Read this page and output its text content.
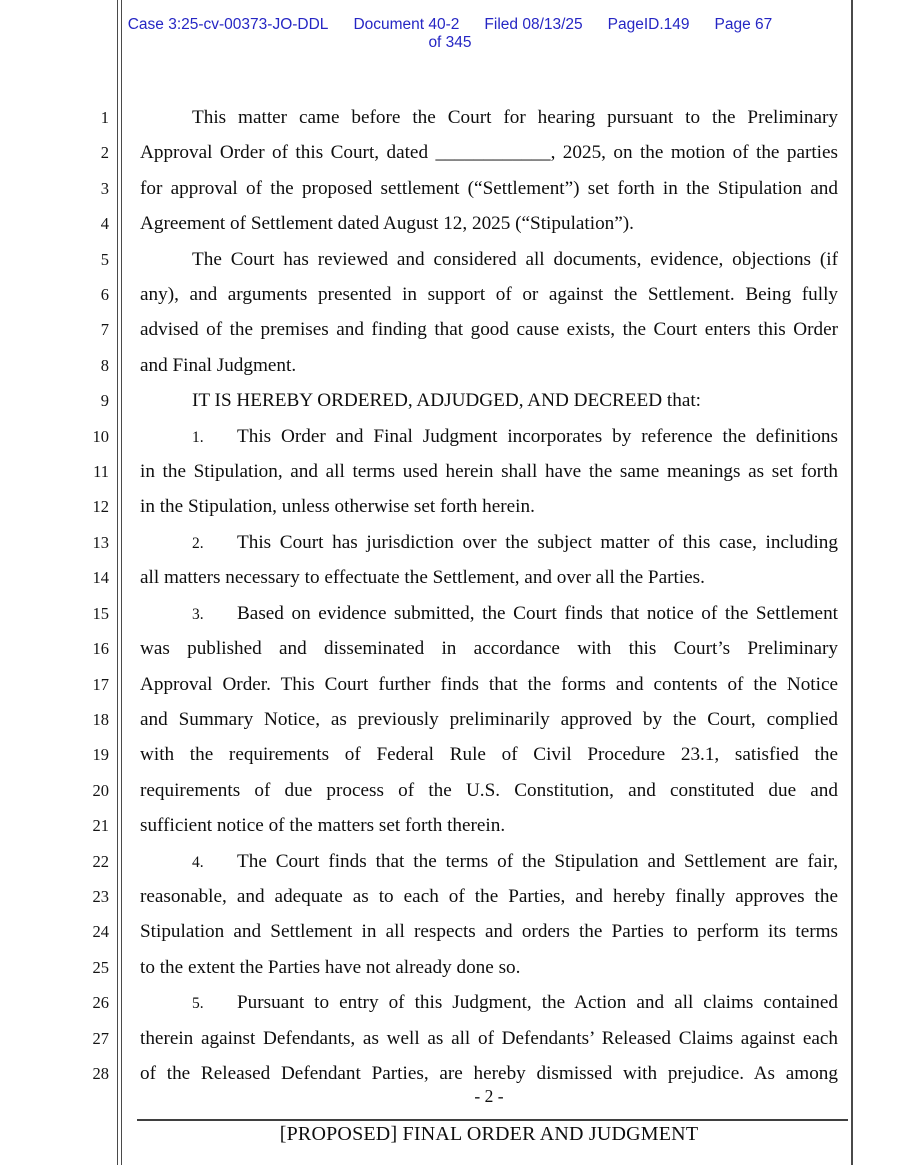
Case 3:25-cv-00373-JO-DDL Document 40-2 Filed 08/13/25 PageID.149 Page 67
of 345
1
2
3
4
5
6
7
8
9
10
11
12
13
14
15
16
17
18
19
20
21
22
23
24
25
26
27
28
This matter came before the Court for hearing pursuant to the Preliminary
Approval Order of this Court, dated ____________, 2025, on the motion of the parties
for approval of the proposed settlement (“Settlement”) set forth in the Stipulation and
Agreement of Settlement dated August 12, 2025 (“Stipulation”).
The Court has reviewed and considered all documents, evidence, objections (if
any), and arguments presented in support of or against the Settlement. Being fully
advised of the premises and finding that good cause exists, the Court enters this Order
and Final Judgment.
IT IS HEREBY ORDERED, ADJUDGED, AND DECREED that:
1. This Order and Final Judgment incorporates by reference the definitions
in the Stipulation, and all terms used herein shall have the same meanings as set forth
in the Stipulation, unless otherwise set forth herein.
2. This Court has jurisdiction over the subject matter of this case, including
all matters necessary to effectuate the Settlement, and over all the Parties.
3. Based on evidence submitted, the Court finds that notice of the Settlement
was published and disseminated in accordance with this Court’s Preliminary
Approval Order. This Court further finds that the forms and contents of the Notice
and Summary Notice, as previously preliminarily approved by the Court, complied
with the requirements of Federal Rule of Civil Procedure 23.1, satisfied the
requirements of due process of the U.S. Constitution, and constituted due and
sufficient notice of the matters set forth therein.
4. The Court finds that the terms of the Stipulation and Settlement are fair,
reasonable, and adequate as to each of the Parties, and hereby finally approves the
Stipulation and Settlement in all respects and orders the Parties to perform its terms
to the extent the Parties have not already done so.
5. Pursuant to entry of this Judgment, the Action and all claims contained
therein against Defendants, as well as all of Defendants’ Released Claims against each
of the Released Defendant Parties, are hereby dismissed with prejudice. As among
- 2 -
[PROPOSED] FINAL ORDER AND JUDGMENT
